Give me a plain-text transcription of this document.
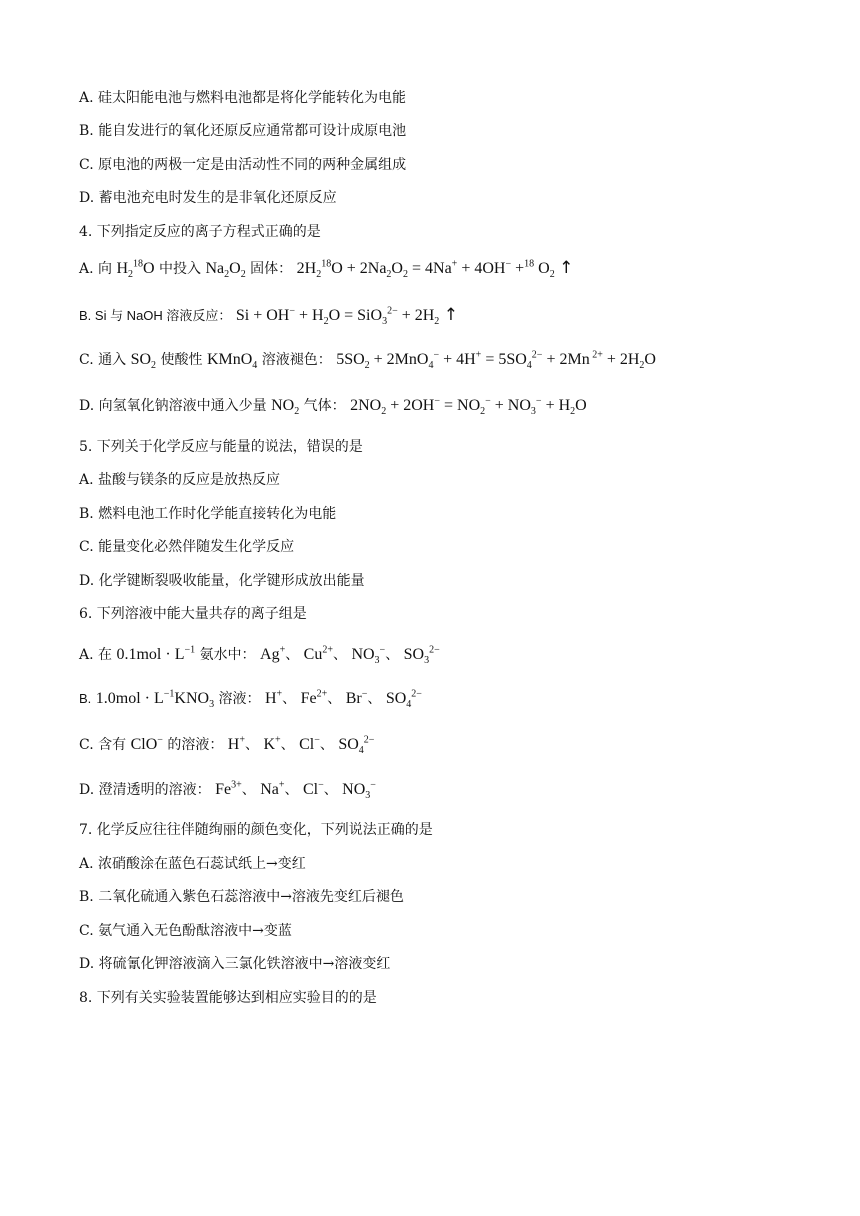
A. 硅太阳能电池与燃料电池都是将化学能转化为电能
B. 能自发进行的氧化还原反应通常都可设计成原电池
C. 原电池的两极一定是由活动性不同的两种金属组成
D. 蓄电池充电时发生的是非氧化还原反应
4. 下列指定反应的离子方程式正确的是
A. 向 $H_2^{18}O$ 中投入 $Na_2O_2$ 固体： $2H_2^{18}O + 2Na_2O_2 = 4Na^+ + 4OH^- +^{18}$ $O_2$ ↑
B. Si 与 NaOH 溶液反应： $Si + OH^- + H_2O = SiO_3^{2-} + 2H_2$ ↑
C. 通入 $SO_2$ 使酸性 KMnO$_4$ 溶液褪色： $5SO_2 + 2MnO_4^- + 4H^+ = 5SO_4^{2-} + 2Mn$ $^{2+} + 2H_2O$
D. 向氢氧化钠溶液中通入少量 $NO_2$ 气体： $2NO_2 + 2OH^- = NO_2^- + NO_3^- + H_2O$
5. 下列关于化学反应与能量的说法，错误的是
A. 盐酸与镁条的反应是放热反应
B. 燃料电池工作时化学能直接转化为电能
C. 能量变化必然伴随发生化学反应
D. 化学键断裂吸收能量，化学键形成放出能量
6. 下列溶液中能大量共存的离子组是
A. 在 $0.1mol \cdot L^{-1}$ 氨水中： Ag+、 $Cu^{2+}$、 $NO_3^-$、 $SO_3^{2-}$
B. $1.0mol \cdot L^{-1}KNO_3$ 溶液： H+、 $Fe^{2+}$、 Br−、 $SO_4^{2-}$
C. 含有 ClO− 的溶液： H+、 K+、 Cl−、 $SO_4^{2-}$
D. 澄清透明的溶液： $Fe^{3+}$、 Na+、 Cl−、 $NO_3^-$
7. 化学反应往往伴随绚丽的颜色变化，下列说法正确的是
A. 浓硝酸涂在蓝色石蕊试纸上→变红
B. 二氧化硫通入紫色石蕊溶液中→溶液先变红后褪色
C. 氨气通入无色酚酞溶液中→变蓝
D. 将硫氰化钾溶液滴入三氯化铁溶液中→溶液变红
8. 下列有关实验装置能够达到相应实验目的的是
